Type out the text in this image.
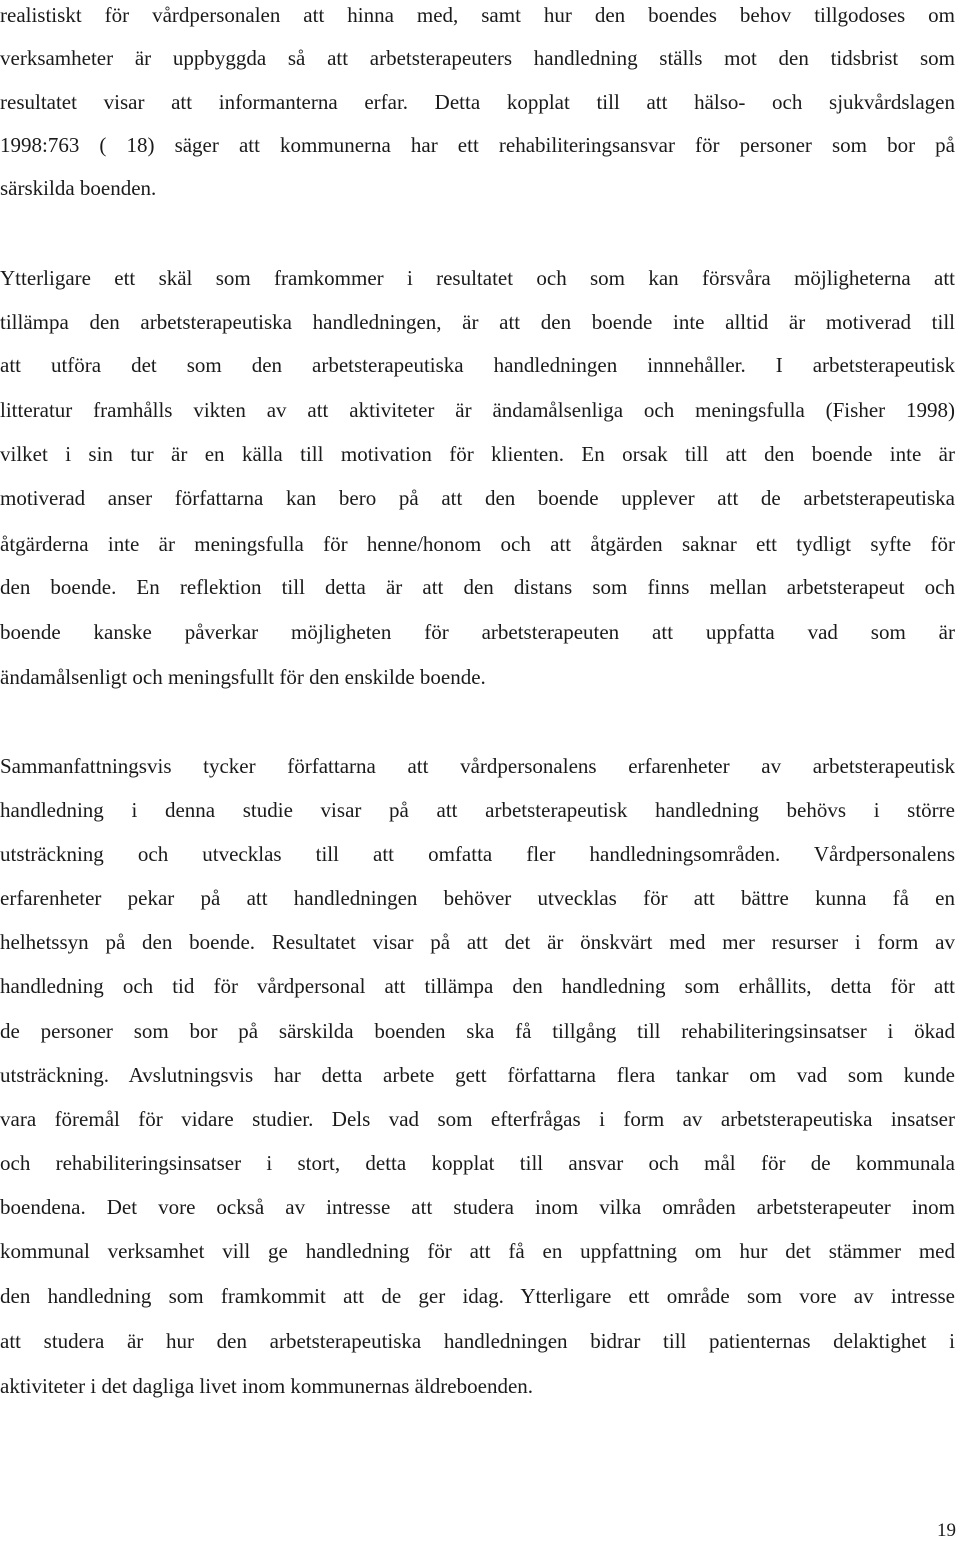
realistiskt för vårdpersonalen att hinna med, samt hur den boendes behov tillgodoses om

verksamheter är uppbyggda så att arbetsterapeuters handledning ställs mot den tidsbrist som

resultatet visar att informanterna erfar. Detta kopplat till att hälso- och sjukvårdslagen

1998:763 ( 18) säger att kommunerna har ett rehabiliteringsansvar för personer som bor på

särskilda boenden.

Ytterligare ett skäl som framkommer i resultatet och som kan försvåra möjligheterna att

tillämpa den arbetsterapeutiska handledningen, är att den boende inte alltid är motiverad till

att utföra det som den arbetsterapeutiska handledningen innnehåller. I arbetsterapeutisk

litteratur framhålls vikten av att aktiviteter är ändamålsenliga och meningsfulla (Fisher 1998)

vilket i sin tur är en källa till motivation för klienten. En orsak till att den boende inte är

motiverad anser författarna kan bero på att den boende upplever att de arbetsterapeutiska

åtgärderna inte är meningsfulla för henne/honom och att åtgärden saknar ett tydligt syfte för

den boende. En reflektion till detta är att den distans som finns mellan arbetsterapeut och

boende kanske påverkar möjligheten för arbetsterapeuten att uppfatta vad som är

ändamålsenligt och meningsfullt för den enskilde boende.

Sammanfattningsvis tycker författarna att vårdpersonalens erfarenheter av arbetsterapeutisk

handledning i denna studie visar på att arbetsterapeutisk handledning behövs i större

utsträckning och utvecklas till att omfatta fler handledningsområden. Vårdpersonalens

erfarenheter pekar på att handledningen behöver utvecklas för att bättre kunna få en

helhetssyn på den boende. Resultatet visar på att det är önskvärt med mer resurser i form av

handledning och tid för vårdpersonal att tillämpa den handledning som erhållits, detta för att

de personer som bor på särskilda boenden ska få tillgång till rehabiliteringsinsatser i ökad

utsträckning. Avslutningsvis har detta arbete gett författarna flera tankar om vad som kunde

vara föremål för vidare studier. Dels vad som efterfrågas i form av arbetsterapeutiska insatser

och rehabiliteringsinsatser i stort, detta kopplat till ansvar och mål för de kommunala

boendena. Det vore också av intresse att studera inom vilka områden arbetsterapeuter inom

kommunal verksamhet vill ge handledning för att få en uppfattning om hur det stämmer med

den handledning som framkommit att de ger idag. Ytterligare ett område som vore av intresse

att studera är hur den arbetsterapeutiska handledningen bidrar till patienternas delaktighet i

aktiviteter i det dagliga livet inom kommunernas äldreboenden.

19
